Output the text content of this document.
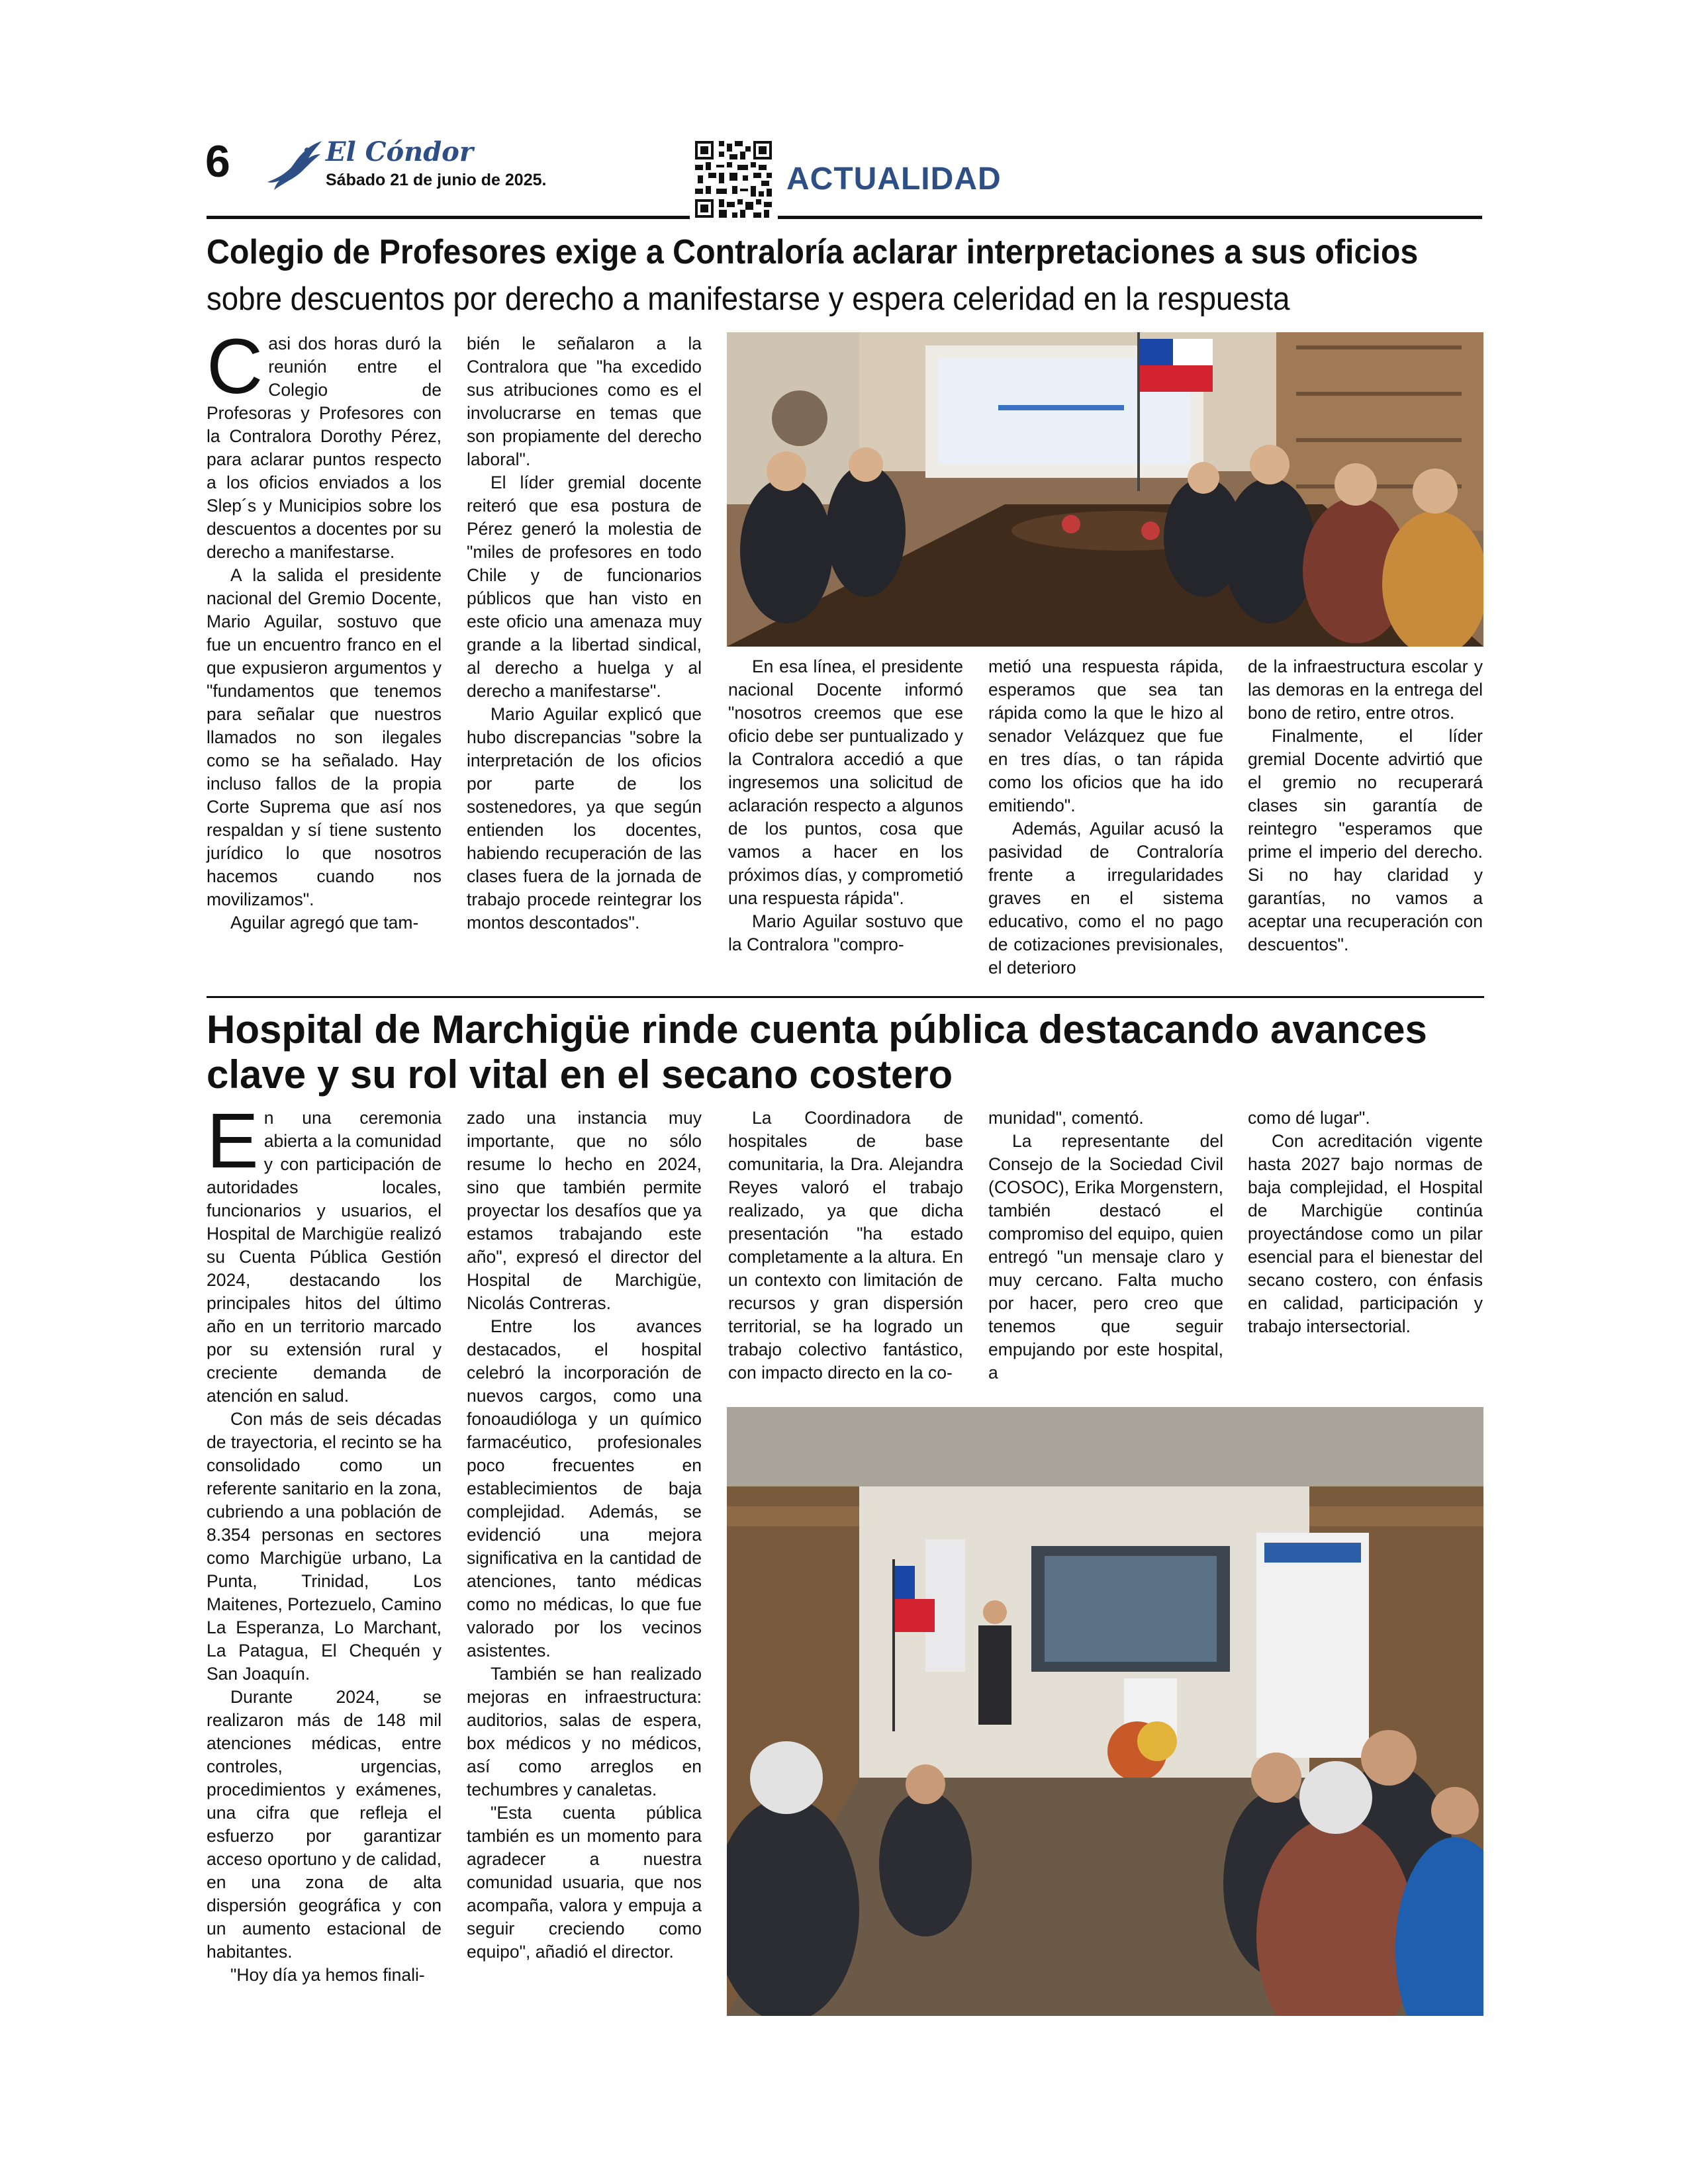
6	El Cóndor
Sábado 21 de junio de 2025.	ACTUALIDAD
Colegio de Profesores exige a Contraloría aclarar interpretaciones a sus oficios
sobre descuentos por derecho a manifestarse y espera celeridad en la respuesta
C asi dos horas duró la reunión entre el Colegio de Profesoras y Profesores con la Contralora Dorothy Pérez, para aclarar puntos respecto a los oficios enviados a los Slep´s y Municipios sobre los descuentos a docentes por su derecho a manifestarse.

A la salida el presidente nacional del Gremio Docente, Mario Aguilar, sostuvo que fue un encuentro franco en el que expusieron argumentos y "fundamentos que tenemos para señalar que nuestros llamados no son ilegales como se ha señalado. Hay incluso fallos de la propia Corte Suprema que así nos respaldan y sí tiene sustento jurídico lo que nosotros hacemos cuando nos movilizamos".

Aguilar agregó que tam-

bién le señalaron a la Contralora que "ha excedido sus atribuciones como es el involucrarse en temas que son propiamente del derecho laboral".

El líder gremial docente reiteró que esa postura de Pérez generó la molestia de "miles de profesores en todo Chile y de funcionarios públicos que han visto en este oficio una amenaza muy grande a la libertad sindical, al derecho a huelga y al derecho a manifestarse".

Mario Aguilar explicó que hubo discrepancias "sobre la interpretación de los oficios por parte de los sostenedores, ya que según entienden los docentes, habiendo recuperación de las clases fuera de la jornada de trabajo procede reintegrar los montos descontados".

En esa línea, el presidente nacional Docente informó "nosotros creemos que ese oficio debe ser puntualizado y la Contralora accedió a que ingresemos una solicitud de aclaración respecto a algunos de los puntos, cosa que vamos a hacer en los próximos días, y comprometió una respuesta rápida".

Mario Aguilar sostuvo que la Contralora "compro-

metió una respuesta rápida, esperamos que sea tan rápida como la que le hizo al senador Velázquez que fue en tres días, o tan rápida como los oficios que ha ido emitiendo".

Además, Aguilar acusó la pasividad de Contraloría frente a irregularidades graves en el sistema educativo, como el no pago de cotizaciones previsionales, el deterioro

de la infraestructura escolar y las demoras en la entrega del bono de retiro, entre otros.

Finalmente, el líder gremial Docente advirtió que el gremio no recuperará clases sin garantía de reintegro "esperamos que prime el imperio del derecho. Si no hay claridad y garantías, no vamos a aceptar una recuperación con descuentos".

Hospital de Marchigüe rinde cuenta pública destacando avances clave y su rol vital en el secano costero
E n una ceremonia abierta a la comunidad y con participación de autoridades locales, funcionarios y usuarios, el Hospital de Marchigüe realizó su Cuenta Pública Gestión 2024, destacando los principales hitos del último año en un territorio marcado por su extensión rural y creciente demanda de atención en salud.

Con más de seis décadas de trayectoria, el recinto se ha consolidado como un referente sanitario en la zona, cubriendo a una población de 8.354 personas en sectores como Marchigüe urbano, La Punta, Trinidad, Los Maitenes, Portezuelo, Camino La Esperanza, Lo Marchant, La Patagua, El Chequén y San Joaquín.

Durante 2024, se realizaron más de 148 mil atenciones médicas, entre controles, urgencias, procedimientos y exámenes, una cifra que refleja el esfuerzo por garantizar acceso oportuno y de calidad, en una zona de alta dispersión geográfica y con un aumento estacional de habitantes.

"Hoy día ya hemos finali-

zado una instancia muy importante, que no sólo resume lo hecho en 2024, sino que también permite proyectar los desafíos que ya estamos trabajando este año", expresó el director del Hospital de Marchigüe, Nicolás Contreras.

Entre los avances destacados, el hospital celebró la incorporación de nuevos cargos, como una fonoaudióloga y un químico farmacéutico, profesionales poco frecuentes en establecimientos de baja complejidad. Además, se evidenció una mejora significativa en la cantidad de atenciones, tanto médicas como no médicas, lo que fue valorado por los vecinos asistentes.

También se han realizado mejoras en infraestructura: auditorios, salas de espera, box médicos y no médicos, así como arreglos en techumbres y canaletas.

"Esta cuenta pública también es un momento para agradecer a nuestra comunidad usuaria, que nos acompaña, valora y empuja a seguir creciendo como equipo", añadió el director.

La Coordinadora de hospitales de base comunitaria, la Dra. Alejandra Reyes valoró el trabajo realizado, ya que dicha presentación "ha estado completamente a la altura. En un contexto con limitación de recursos y gran dispersión territorial, se ha logrado un trabajo colectivo fantástico, con impacto directo en la co-

munidad", comentó.

La representante del Consejo de la Sociedad Civil (COSOC), Erika Morgenstern, también destacó el compromiso del equipo, quien entregó "un mensaje claro y muy cercano. Falta mucho por hacer, pero creo que tenemos que seguir empujando por este hospital, a

como dé lugar".

Con acreditación vigente hasta 2027 bajo normas de baja complejidad, el Hospital de Marchigüe continúa proyectándose como un pilar esencial para el bienestar del secano costero, con énfasis en calidad, participación y trabajo intersectorial.
